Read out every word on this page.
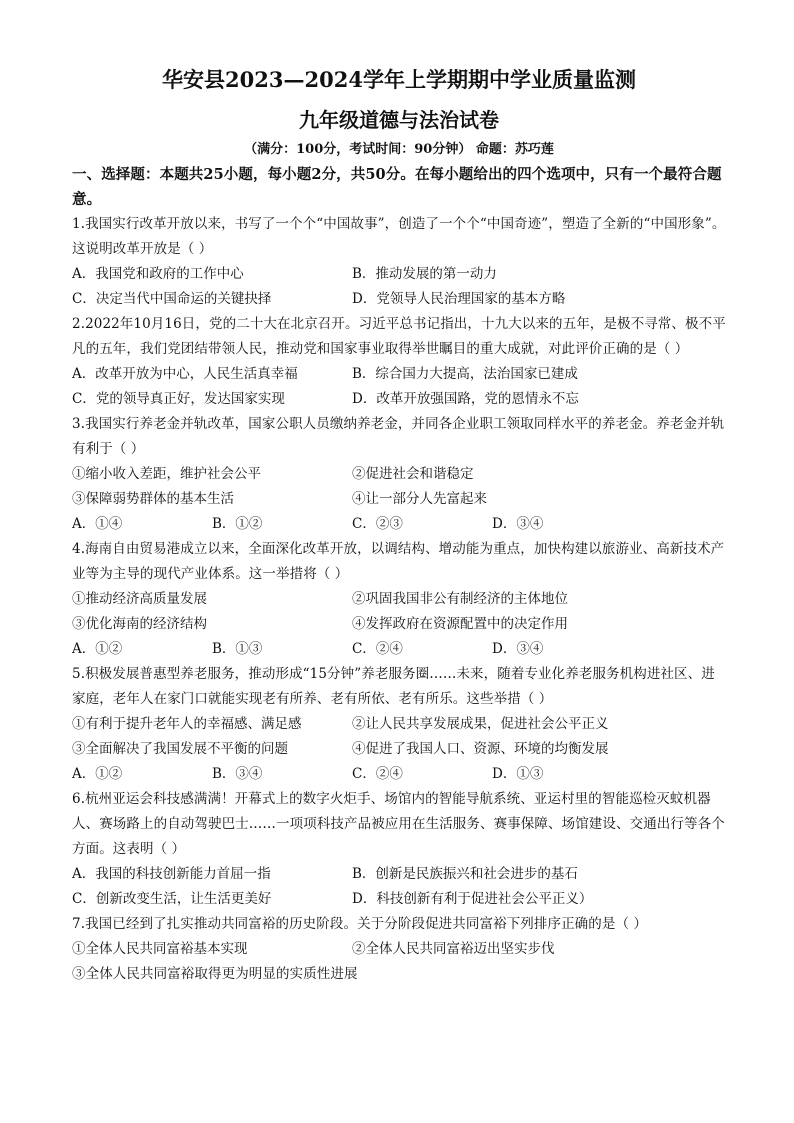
华安县2023—2024学年上学期期中学业质量监测
九年级道德与法治试卷
（满分：100分，考试时间：90分钟） 命题：苏巧莲
一、选择题：本题共25小题，每小题2分，共50分。在每小题给出的四个选项中，只有一个最符合题意。
1.我国实行改革开放以来，书写了一个个“中国故事”，创造了一个个“中国奇迹”，塑造了全新的“中国形象”。这说明改革开放是（ ）
A．我国党和政府的工作中心	B．推动发展的第一动力
C．决定当代中国命运的关键抉择	D．党领导人民治理国家的基本方略
2.2022年10月16日，党的二十大在北京召开。习近平总书记指出，十九大以来的五年，是极不寻常、极不平凡的五年，我们党团结带领人民，推动党和国家事业取得举世瞩目的重大成就，对此评价正确的是（ ）
A．改革开放为中心，人民生活真幸福	B．综合国力大提高，法治国家已建成
C．党的领导真正好，发达国家实现	D．改革开放强国路，党的恩情永不忘
3.我国实行养老金并轨改革，国家公职人员缴纳养老金，并同各企业职工领取同样水平的养老金。养老金并轨有利于（ ）
①缩小收入差距，维护社会公平	②促进社会和谐稳定
③保障弱势群体的基本生活	④让一部分人先富起来
A．①④	B．①②	C．②③	D．③④
4.海南自由贸易港成立以来，全面深化改革开放，以调结构、增动能为重点，加快构建以旅游业、高新技术产业等为主导的现代产业体系。这一举措将（ ）
①推动经济高质量发展	②巩固我国非公有制经济的主体地位
③优化海南的经济结构	④发挥政府在资源配置中的决定作用
A．①②	B．①③	C．②④	D．③④
5.积极发展普惠型养老服务，推动形成“15分钟”养老服务圈……未来，随着专业化养老服务机构进社区、进家庭，老年人在家门口就能实现老有所养、老有所依、老有所乐。这些举措（ ）
①有利于提升老年人的幸福感、满足感	②让人民共享发展成果，促进社会公平正义
③全面解决了我国发展不平衡的问题	④促进了我国人口、资源、环境的均衡发展
A．①②	B．③④	C．②④	D．①③
6.杭州亚运会科技感满满！开幕式上的数字火炬手、场馆内的智能导航系统、亚运村里的智能巡检灭蚊机器人、赛场路上的自动驾驶巴士……一项项科技产品被应用在生活服务、赛事保障、场馆建设、交通出行等各个方面。这表明（ ）
A．我国的科技创新能力首屈一指	B．创新是民族振兴和社会进步的基石
C．创新改变生活，让生活更美好	D．科技创新有利于促进社会公平正义）
7.我国已经到了扎实推动共同富裕的历史阶段。关于分阶段促进共同富裕下列排序正确的是（ ）
①全体人民共同富裕基本实现	②全体人民共同富裕迈出坚实步伐
③全体人民共同富裕取得更为明显的实质性进展
